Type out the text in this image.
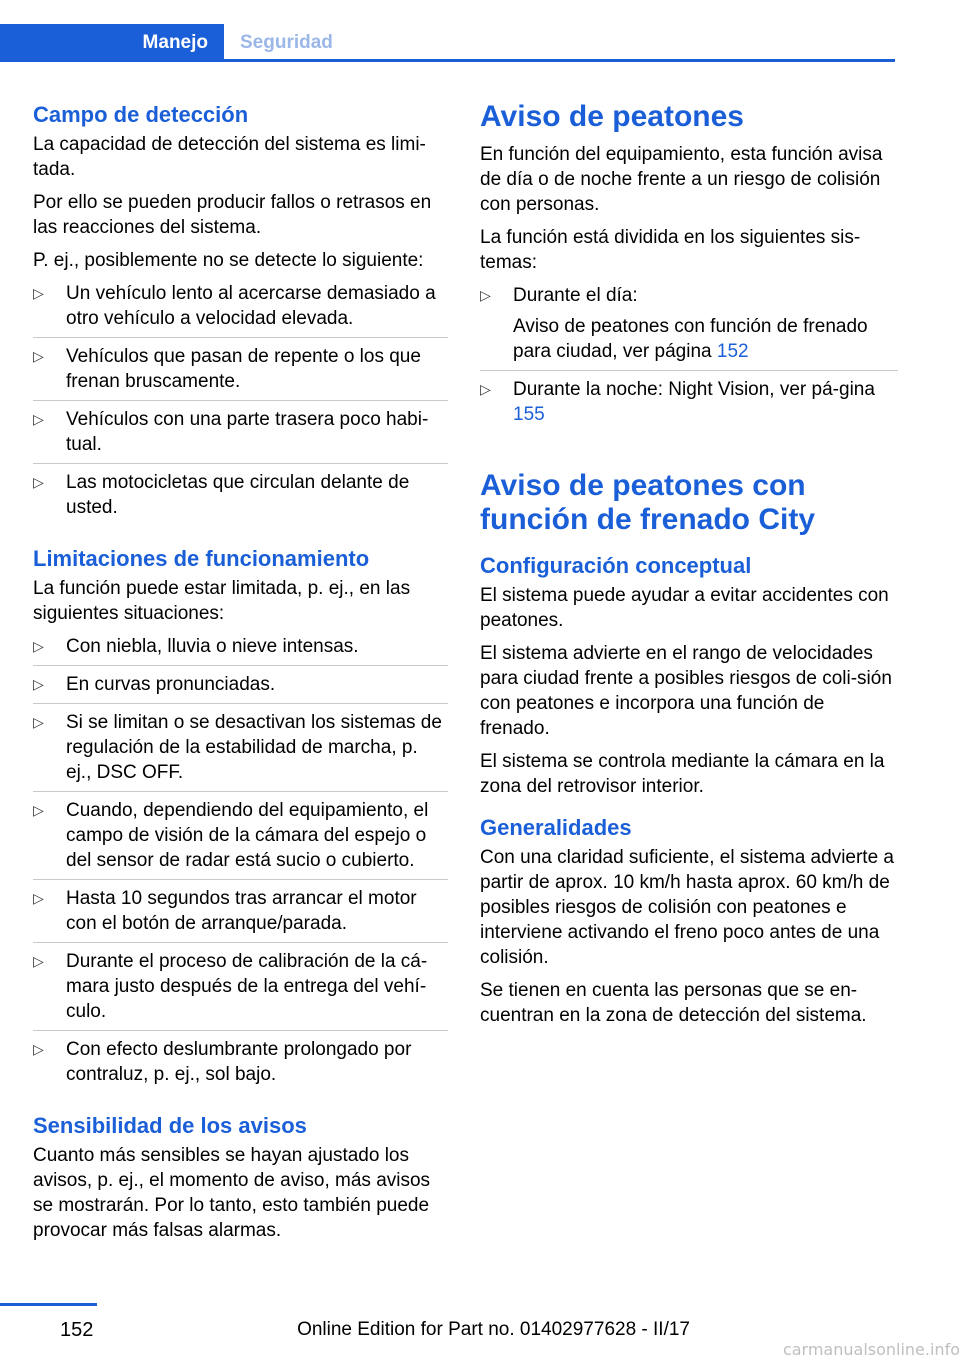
Manejo Seguridad
Campo de detección

La capacidad de detección del sistema es limi‐tada.

Por ello se pueden producir fallos o retrasos en las reacciones del sistema.

P. ej., posiblemente no se detecte lo siguiente:

▷ Un vehículo lento al acercarse demasiado a otro vehículo a velocidad elevada.
▷ Vehículos que pasan de repente o los que frenan bruscamente.
▷ Vehículos con una parte trasera poco habi‐tual.
▷ Las motocicletas que circulan delante de usted.
Limitaciones de funcionamiento

La función puede estar limitada, p. ej., en las siguientes situaciones:

▷ Con niebla, lluvia o nieve intensas.
▷ En curvas pronunciadas.
▷ Si se limitan o se desactivan los sistemas de regulación de la estabilidad de marcha, p. ej., DSC OFF.
▷ Cuando, dependiendo del equipamiento, el campo de visión de la cámara del espejo o del sensor de radar está sucio o cubierto.
▷ Hasta 10 segundos tras arrancar el motor con el botón de arranque/parada.
▷ Durante el proceso de calibración de la cá‐mara justo después de la entrega del vehí‐culo.
▷ Con efecto deslumbrante prolongado por contraluz, p. ej., sol bajo.
Sensibilidad de los avisos

Cuanto más sensibles se hayan ajustado los avisos, p. ej., el momento de aviso, más avisos se mostrarán. Por lo tanto, esto también puede provocar más falsas alarmas.

Aviso de peatones

En función del equipamiento, esta función avisa de día o de noche frente a un riesgo de colisión con personas.

La función está dividida en los siguientes sis‐temas:

▷ Durante el día:
Aviso de peatones con función de frenado para ciudad, ver página 152
▷ Durante la noche: Night Vision, ver pá‐gina 155
Aviso de peatones con función de frenado City
Configuración conceptual

El sistema puede ayudar a evitar accidentes con peatones.

El sistema advierte en el rango de velocidades para ciudad frente a posibles riesgos de coli‐sión con peatones e incorpora una función de frenado.

El sistema se controla mediante la cámara en la zona del retrovisor interior.

Generalidades

Con una claridad suficiente, el sistema advierte a partir de aprox. 10 km/h hasta aprox. 60 km/h de posibles riesgos de colisión con peatones e interviene activando el freno poco antes de una colisión.

Se tienen en cuenta las personas que se en‐cuentran en la zona de detección del sistema.

152	Online Edition for Part no. 01402977628 - II/17
carmanualsonline.info
